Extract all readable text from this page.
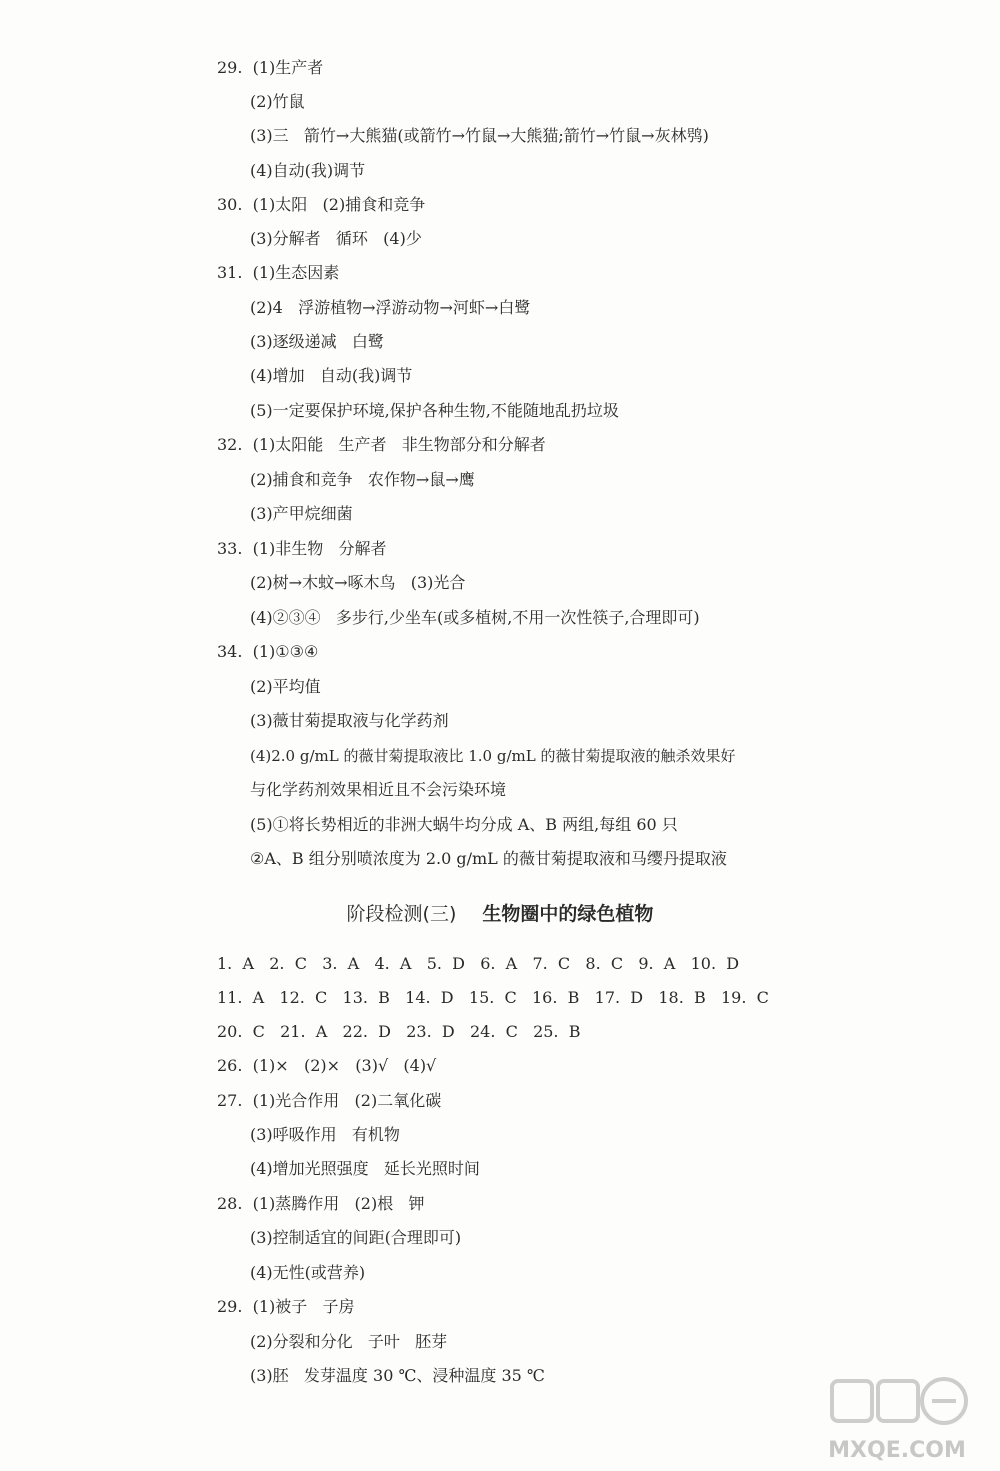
29.  (1)生产者
(2)竹鼠
(3)三   箭竹→大熊猫(或箭竹→竹鼠→大熊猫;箭竹→竹鼠→灰林鸮)
(4)自动(我)调节
30.  (1)太阳   (2)捕食和竞争
(3)分解者   循环   (4)少
31.  (1)生态因素
(2)4   浮游植物→浮游动物→河虾→白鹭
(3)逐级递减   白鹭
(4)增加   自动(我)调节
(5)一定要保护环境,保护各种生物,不能随地乱扔垃圾
32.  (1)太阳能   生产者   非生物部分和分解者
(2)捕食和竞争   农作物→鼠→鹰
(3)产甲烷细菌
33.  (1)非生物   分解者
(2)树→木蚊→啄木鸟   (3)光合
(4)②③④   多步行,少坐车(或多植树,不用一次性筷子,合理即可)
34.  (1)①③④
(2)平均值
(3)薇甘菊提取液与化学药剂
(4)2.0 g/mL 的薇甘菊提取液比 1.0 g/mL 的薇甘菊提取液的触杀效果好
与化学药剂效果相近且不会污染环境
(5)①将长势相近的非洲大蜗牛均分成 A、B 两组,每组 60 只
②A、B 组分别喷浓度为 2.0 g/mL 的薇甘菊提取液和马缨丹提取液
阶段检测(三) 生物圈中的绿色植物
1.  A   2.  C   3.  A   4.  A   5.  D   6.  A   7.  C   8.  C   9.  A   10.  D
11.  A   12.  C   13.  B   14.  D   15.  C   16.  B   17.  D   18.  B   19.  C
20.  C   21.  A   22.  D   23.  D   24.  C   25.  B
26.  (1)×   (2)×   (3)√   (4)√
27.  (1)光合作用   (2)二氧化碳
(3)呼吸作用   有机物
(4)增加光照强度   延长光照时间
28.  (1)蒸腾作用   (2)根   钾
(3)控制适宜的间距(合理即可)
(4)无性(或营养)
29.  (1)被子   子房
(2)分裂和分化   子叶   胚芽
(3)胚   发芽温度 30 ℃、浸种温度 35 ℃
MXQE.COM
